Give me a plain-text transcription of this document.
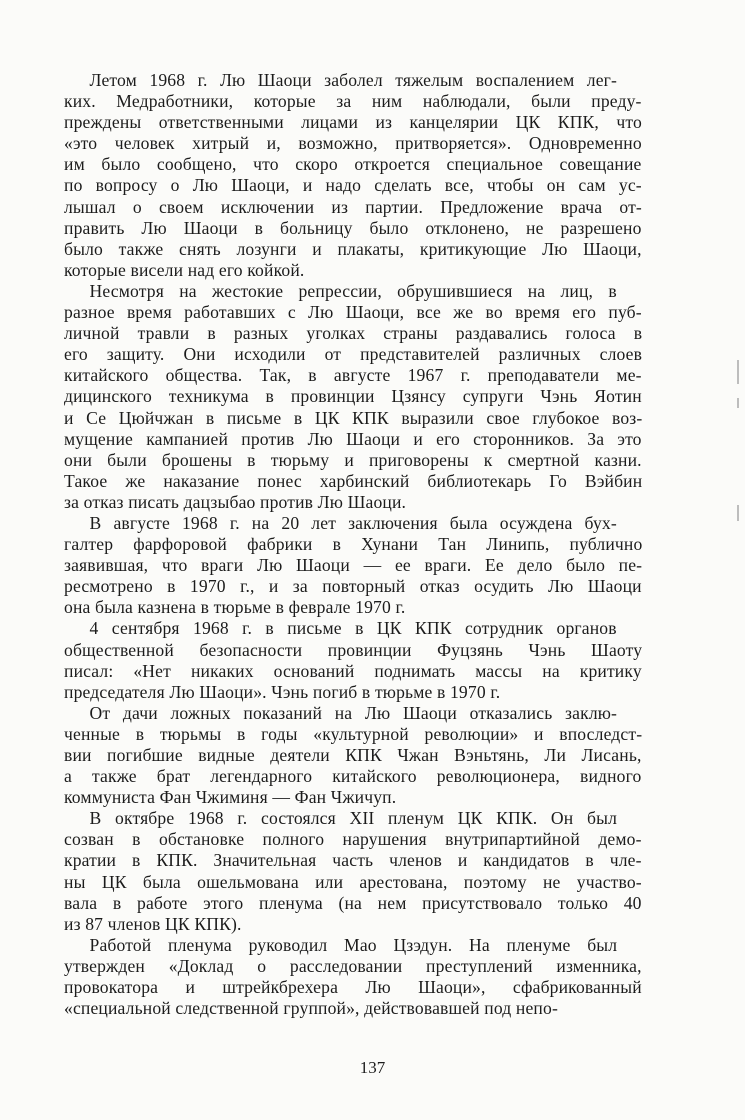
Летом 1968 г. Лю Шаоци заболел тяжелым воспалением лег-
ких. Медработники, которые за ним наблюдали, были преду-
преждены ответственными лицами из канцелярии ЦК КПК, что
«это человек хитрый и, возможно, притворяется». Одновременно
им было сообщено, что скоро откроется специальное совещание
по вопросу о Лю Шаоци, и надо сделать все, чтобы он сам ус-
лышал о своем исключении из партии. Предложение врача от-
править Лю Шаоци в больницу было отклонено, не разрешено
было также снять лозунги и плакаты, критикующие Лю Шаоци,
которые висели над его койкой.
Несмотря на жестокие репрессии, обрушившиеся на лиц, в
разное время работавших с Лю Шаоци, все же во время его пуб-
личной травли в разных уголках страны раздавались голоса в
его защиту. Они исходили от представителей различных слоев
китайского общества. Так, в августе 1967 г. преподаватели ме-
дицинского техникума в провинции Цзянсу супруги Чэнь Яотин
и Се Цюйчжан в письме в ЦК КПК выразили свое глубокое воз-
мущение кампанией против Лю Шаоци и его сторонников. За это
они были брошены в тюрьму и приговорены к смертной казни.
Такое же наказание понес харбинский библиотекарь Го Вэйбин
за отказ писать дацзыбао против Лю Шаоци.
В августе 1968 г. на 20 лет заключения была осуждена бух-
галтер фарфоровой фабрики в Хунани Тан Линипь, публично
заявившая, что враги Лю Шаоци — ее враги. Ее дело было пе-
ресмотрено в 1970 г., и за повторный отказ осудить Лю Шаоци
она была казнена в тюрьме в феврале 1970 г.
4 сентября 1968 г. в письме в ЦК КПК сотрудник органов
общественной безопасности провинции Фуцзянь Чэнь Шаоту
писал: «Нет никаких оснований поднимать массы на критику
председателя Лю Шаоци». Чэнь погиб в тюрьме в 1970 г.
От дачи ложных показаний на Лю Шаоци отказались заклю-
ченные в тюрьмы в годы «культурной революции» и впоследст-
вии погибшие видные деятели КПК Чжан Вэньтянь, Ли Лисань,
а также брат легендарного китайского революционера, видного
коммуниста Фан Чжиминя — Фан Чжичуп.
В октябре 1968 г. состоялся XII пленум ЦК КПК. Он был
созван в обстановке полного нарушения внутрипартийной демо-
кратии в КПК. Значительная часть членов и кандидатов в чле-
ны ЦК была ошельмована или арестована, поэтому не участво-
вала в работе этого пленума (на нем присутствовало только 40
из 87 членов ЦК КПК).
Работой пленума руководил Мао Цзэдун. На пленуме был
утвержден «Доклад о расследовании преступлений изменника,
провокатора и штрейкбрехера Лю Шаоци», сфабрикованный
«специальной следственной группой», действовавшей под непо-
137
